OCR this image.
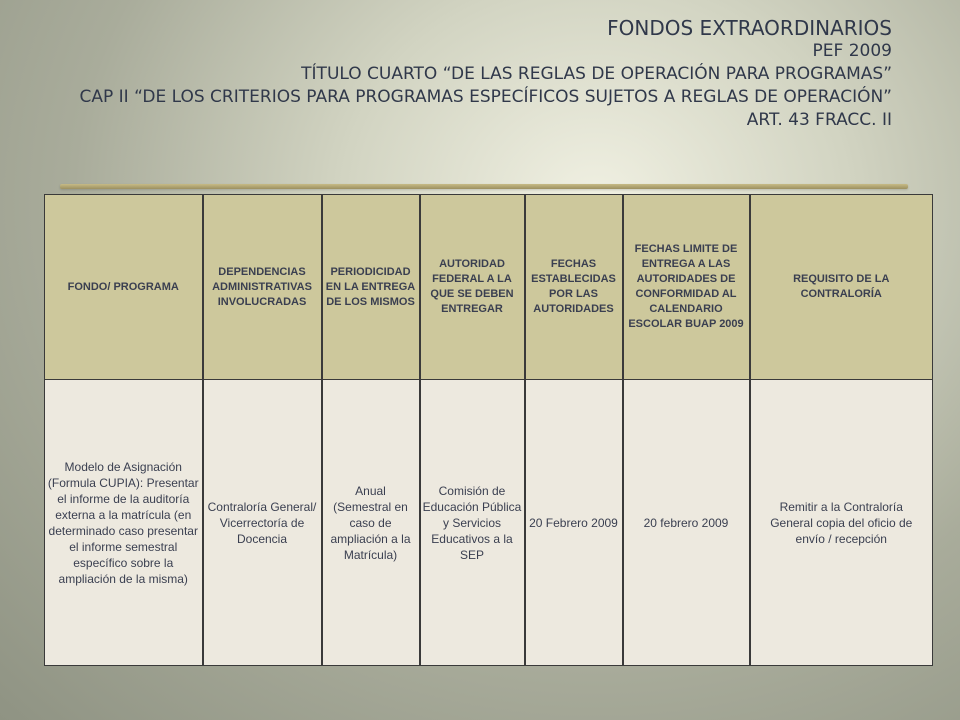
FONDOS EXTRAORDINARIOS
PEF 2009
TÍTULO CUARTO “DE LAS REGLAS DE OPERACIÓN PARA PROGRAMAS”
CAP II “DE LOS CRITERIOS PARA PROGRAMAS ESPECÍFICOS SUJETOS A REGLAS DE OPERACIÓN”
ART. 43 FRACC. II
FONDO/ PROGRAMA	DEPENDENCIAS ADMINISTRATIVAS INVOLUCRADAS	PERIODICIDAD EN LA ENTREGA DE LOS MISMOS	AUTORIDAD FEDERAL A LA QUE SE DEBEN ENTREGAR	FECHAS ESTABLECIDAS POR LAS AUTORIDADES	FECHAS LIMITE DE ENTREGA A LAS AUTORIDADES DE CONFORMIDAD AL CALENDARIO ESCOLAR BUAP 2009	REQUISITO DE LA CONTRALORÍA
Modelo de Asignación (Formula CUPIA): Presentar el informe de la auditoría externa a la matrícula (en determinado caso presentar el informe semestral específico sobre la ampliación de la misma)	Contraloría General/ Vicerrectoría de Docencia	Anual (Semestral en caso de ampliación a la Matrícula)	Comisión de Educación Pública y Servicios Educativos a la SEP	20 Febrero 2009	20 febrero 2009	Remitir a la Contraloría General copia del oficio de envío / recepción
